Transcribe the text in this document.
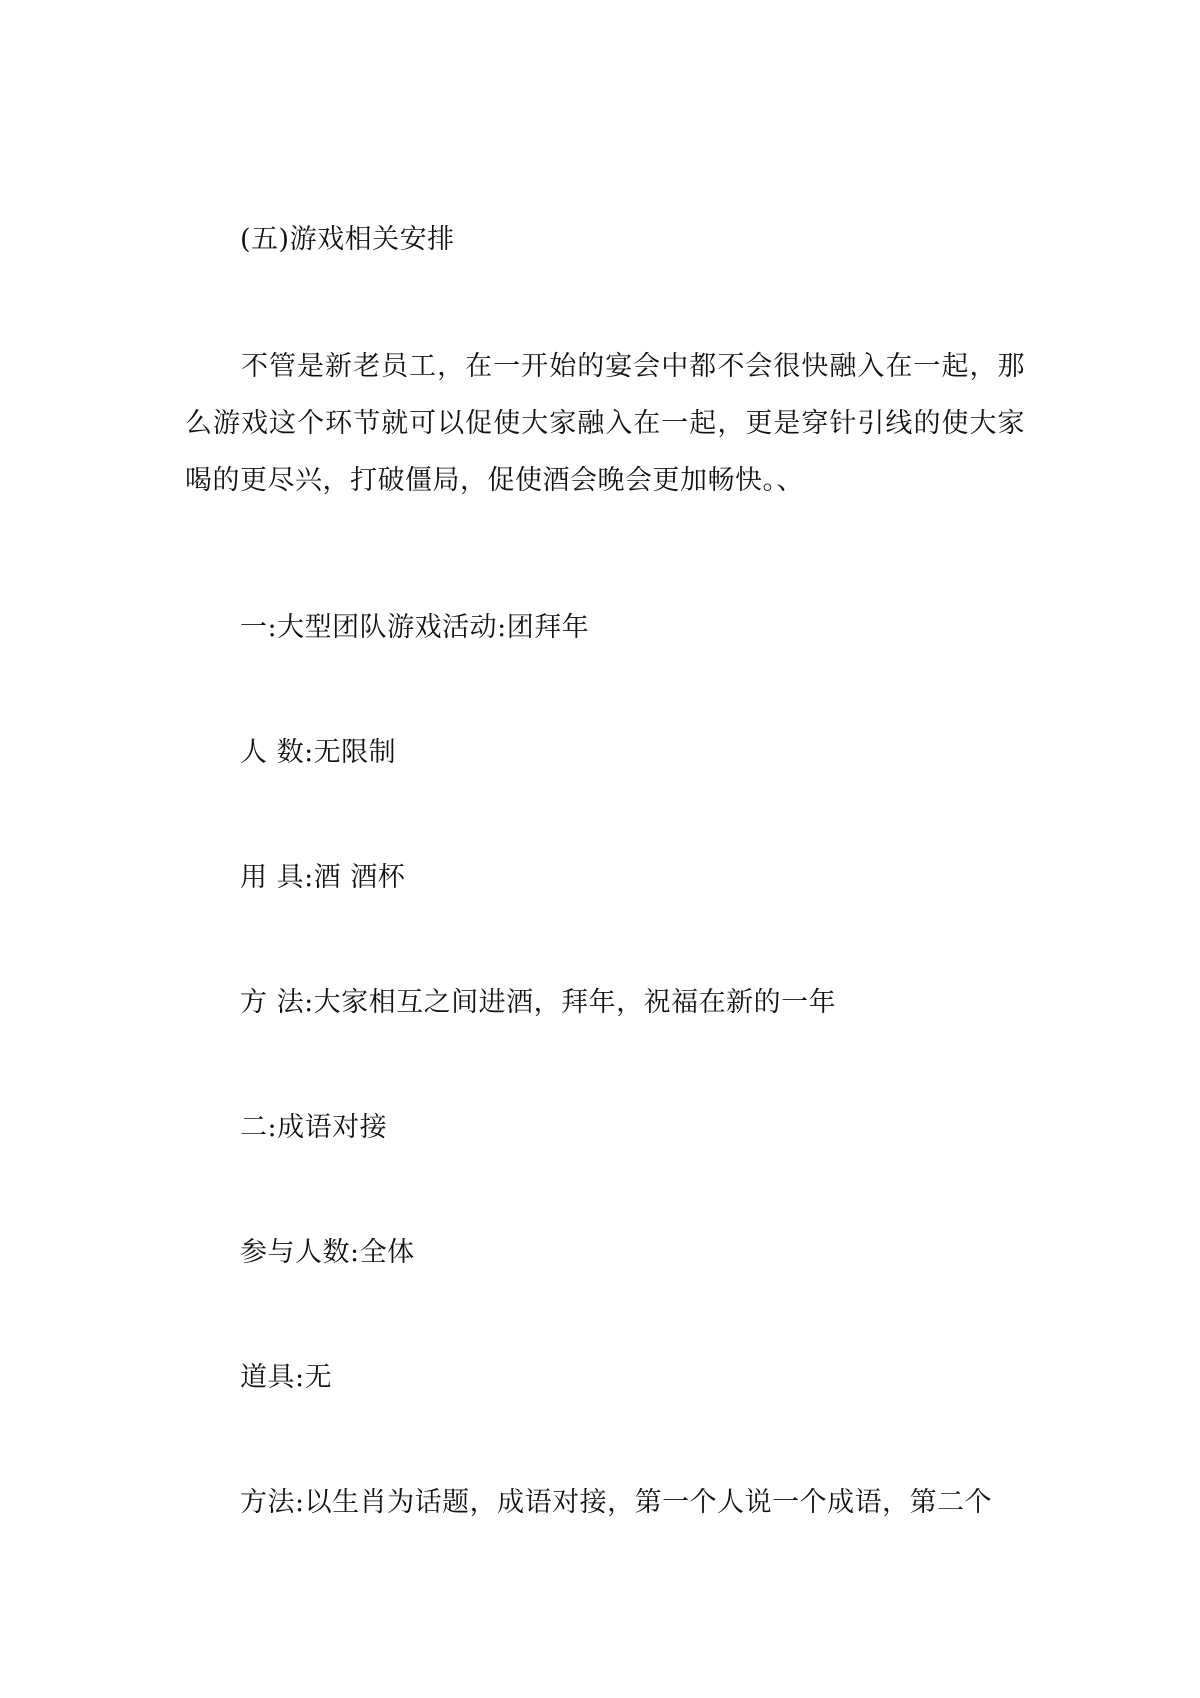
(五)游戏相关安排
不管是新老员工，在一开始的宴会中都不会很快融入在一起，那么游戏这个环节就可以促使大家融入在一起，更是穿针引线的使大家喝的更尽兴，打破僵局，促使酒会晚会更加畅快。、
一:大型团队游戏活动:团拜年
人 数:无限制
用 具:酒 酒杯
方 法:大家相互之间进酒，拜年，祝福在新的一年
二:成语对接
参与人数:全体
道具:无
方法:以生肖为话题，成语对接，第一个人说一个成语，第二个
